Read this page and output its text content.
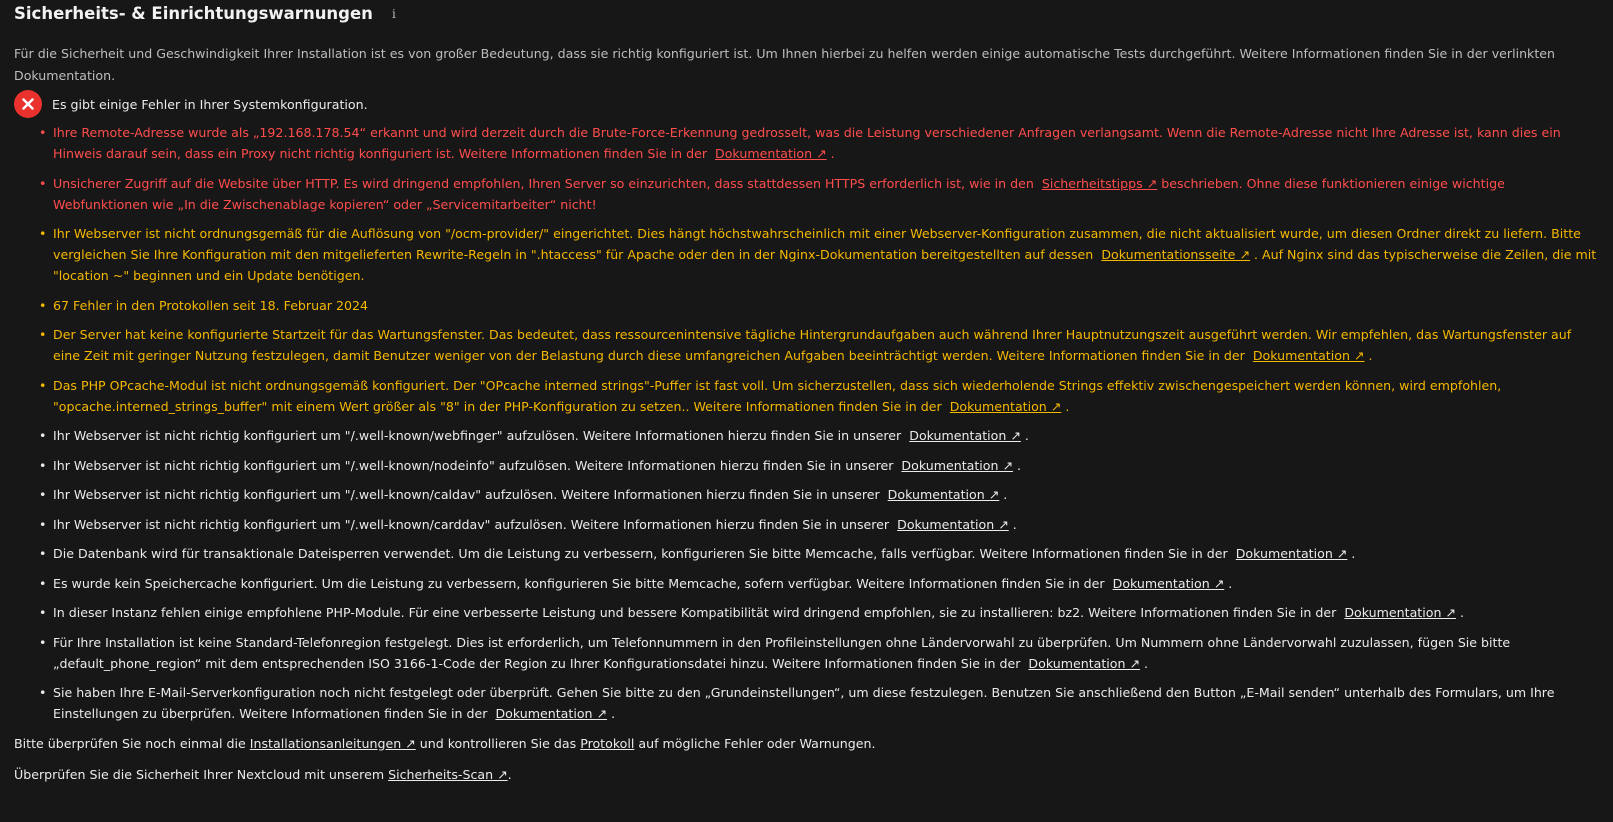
Sicherheits- & Einrichtungswarnungen	i

Für die Sicherheit und Geschwindigkeit Ihrer Installation ist es von großer Bedeutung, dass sie richtig konfiguriert ist. Um Ihnen hierbei zu helfen werden einige automatische Tests durchgeführt. Weitere Informationen finden Sie in der verlinkten Dokumentation.

Es gibt einige Fehler in Ihrer Systemkonfiguration.
• Ihre Remote-Adresse wurde als „192.168.178.54“ erkannt und wird derzeit durch die Brute-Force-Erkennung gedrosselt, was die Leistung verschiedener Anfragen verlangsamt. Wenn die Remote-Adresse nicht Ihre Adresse ist, kann dies ein Hinweis darauf sein, dass ein Proxy nicht richtig konfiguriert ist. Weitere Informationen finden Sie in der Dokumentation ↗ .
• Unsicherer Zugriff auf die Website über HTTP. Es wird dringend empfohlen, Ihren Server so einzurichten, dass stattdessen HTTPS erforderlich ist, wie in den Sicherheitstipps ↗ beschrieben. Ohne diese funktionieren einige wichtige Webfunktionen wie „In die Zwischenablage kopieren“ oder „Servicemitarbeiter“ nicht!
• Ihr Webserver ist nicht ordnungsgemäß für die Auflösung von "/ocm-provider/" eingerichtet. Dies hängt höchstwahrscheinlich mit einer Webserver-Konfiguration zusammen, die nicht aktualisiert wurde, um diesen Ordner direkt zu liefern. Bitte vergleichen Sie Ihre Konfiguration mit den mitgelieferten Rewrite-Regeln in ".htaccess" für Apache oder den in der Nginx-Dokumentation bereitgestellten auf dessen Dokumentationsseite ↗ . Auf Nginx sind das typischerweise die Zeilen, die mit "location ~" beginnen und ein Update benötigen.
• 67 Fehler in den Protokollen seit 18. Februar 2024
• Der Server hat keine konfigurierte Startzeit für das Wartungsfenster. Das bedeutet, dass ressourcenintensive tägliche Hintergrundaufgaben auch während Ihrer Hauptnutzungszeit ausgeführt werden. Wir empfehlen, das Wartungsfenster auf eine Zeit mit geringer Nutzung festzulegen, damit Benutzer weniger von der Belastung durch diese umfangreichen Aufgaben beeinträchtigt werden. Weitere Informationen finden Sie in der Dokumentation ↗ .
• Das PHP OPcache-Modul ist nicht ordnungsgemäß konfiguriert. Der "OPcache interned strings"-Puffer ist fast voll. Um sicherzustellen, dass sich wiederholende Strings effektiv zwischengespeichert werden können, wird empfohlen, "opcache.interned_strings_buffer" mit einem Wert größer als "8" in der PHP-Konfiguration zu setzen.. Weitere Informationen finden Sie in der Dokumentation ↗ .
• Ihr Webserver ist nicht richtig konfiguriert um "/.well-known/webfinger" aufzulösen. Weitere Informationen hierzu finden Sie in unserer Dokumentation ↗ .
• Ihr Webserver ist nicht richtig konfiguriert um "/.well-known/nodeinfo" aufzulösen. Weitere Informationen hierzu finden Sie in unserer Dokumentation ↗ .
• Ihr Webserver ist nicht richtig konfiguriert um "/.well-known/caldav" aufzulösen. Weitere Informationen hierzu finden Sie in unserer Dokumentation ↗ .
• Ihr Webserver ist nicht richtig konfiguriert um "/.well-known/carddav" aufzulösen. Weitere Informationen hierzu finden Sie in unserer Dokumentation ↗ .
• Die Datenbank wird für transaktionale Dateisperren verwendet. Um die Leistung zu verbessern, konfigurieren Sie bitte Memcache, falls verfügbar. Weitere Informationen finden Sie in der Dokumentation ↗ .
• Es wurde kein Speichercache konfiguriert. Um die Leistung zu verbessern, konfigurieren Sie bitte Memcache, sofern verfügbar. Weitere Informationen finden Sie in der Dokumentation ↗ .
• In dieser Instanz fehlen einige empfohlene PHP-Module. Für eine verbesserte Leistung und bessere Kompatibilität wird dringend empfohlen, sie zu installieren: bz2. Weitere Informationen finden Sie in der Dokumentation ↗ .
• Für Ihre Installation ist keine Standard-Telefonregion festgelegt. Dies ist erforderlich, um Telefonnummern in den Profileinstellungen ohne Ländervorwahl zu überprüfen. Um Nummern ohne Ländervorwahl zuzulassen, fügen Sie bitte „default_phone_region“ mit dem entsprechenden ISO 3166-1-Code der Region zu Ihrer Konfigurationsdatei hinzu. Weitere Informationen finden Sie in der Dokumentation ↗ .
• Sie haben Ihre E-Mail-Serverkonfiguration noch nicht festgelegt oder überprüft. Gehen Sie bitte zu den „Grundeinstellungen“, um diese festzulegen. Benutzen Sie anschließend den Button „E-Mail senden“ unterhalb des Formulars, um Ihre Einstellungen zu überprüfen. Weitere Informationen finden Sie in der Dokumentation ↗ .

Bitte überprüfen Sie noch einmal die Installationsanleitungen ↗ und kontrollieren Sie das Protokoll auf mögliche Fehler oder Warnungen.

Überprüfen Sie die Sicherheit Ihrer Nextcloud mit unserem Sicherheits-Scan ↗.
